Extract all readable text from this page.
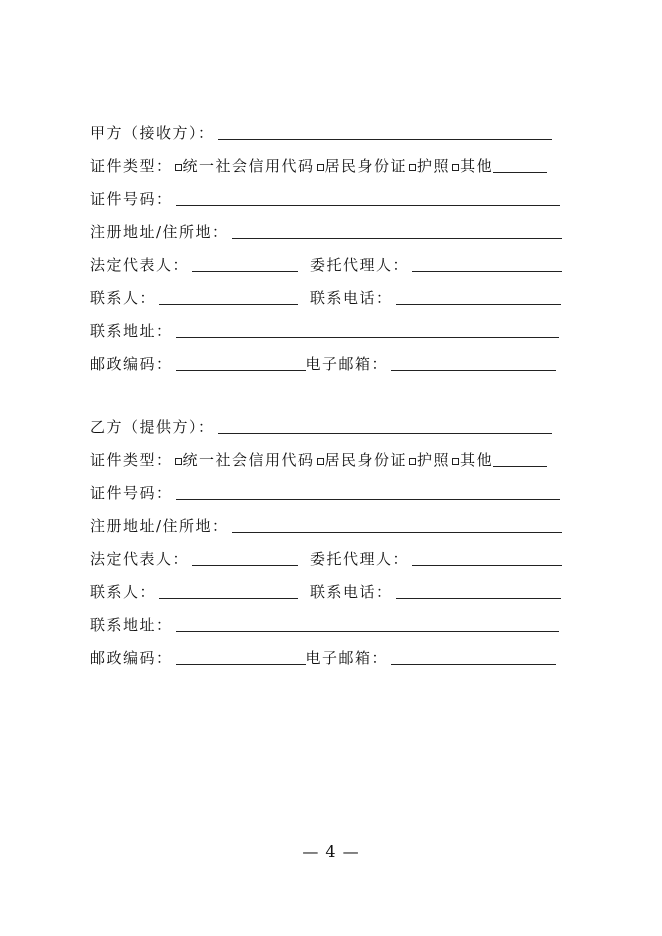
甲方（接收方）：
证件类型： 统一社会信用代码 居民身份证 护照 其他
证件号码：
注册地址/住所地：
法定代表人：	委托代理人：
联系人：	联系电话：
联系地址：
邮政编码：	电子邮箱：
乙方（提供方）：
证件类型： 统一社会信用代码 居民身份证 护照 其他
证件号码：
注册地址/住所地：
法定代表人：	委托代理人：
联系人：	联系电话：
联系地址：
邮政编码：	电子邮箱：
— 4 —
